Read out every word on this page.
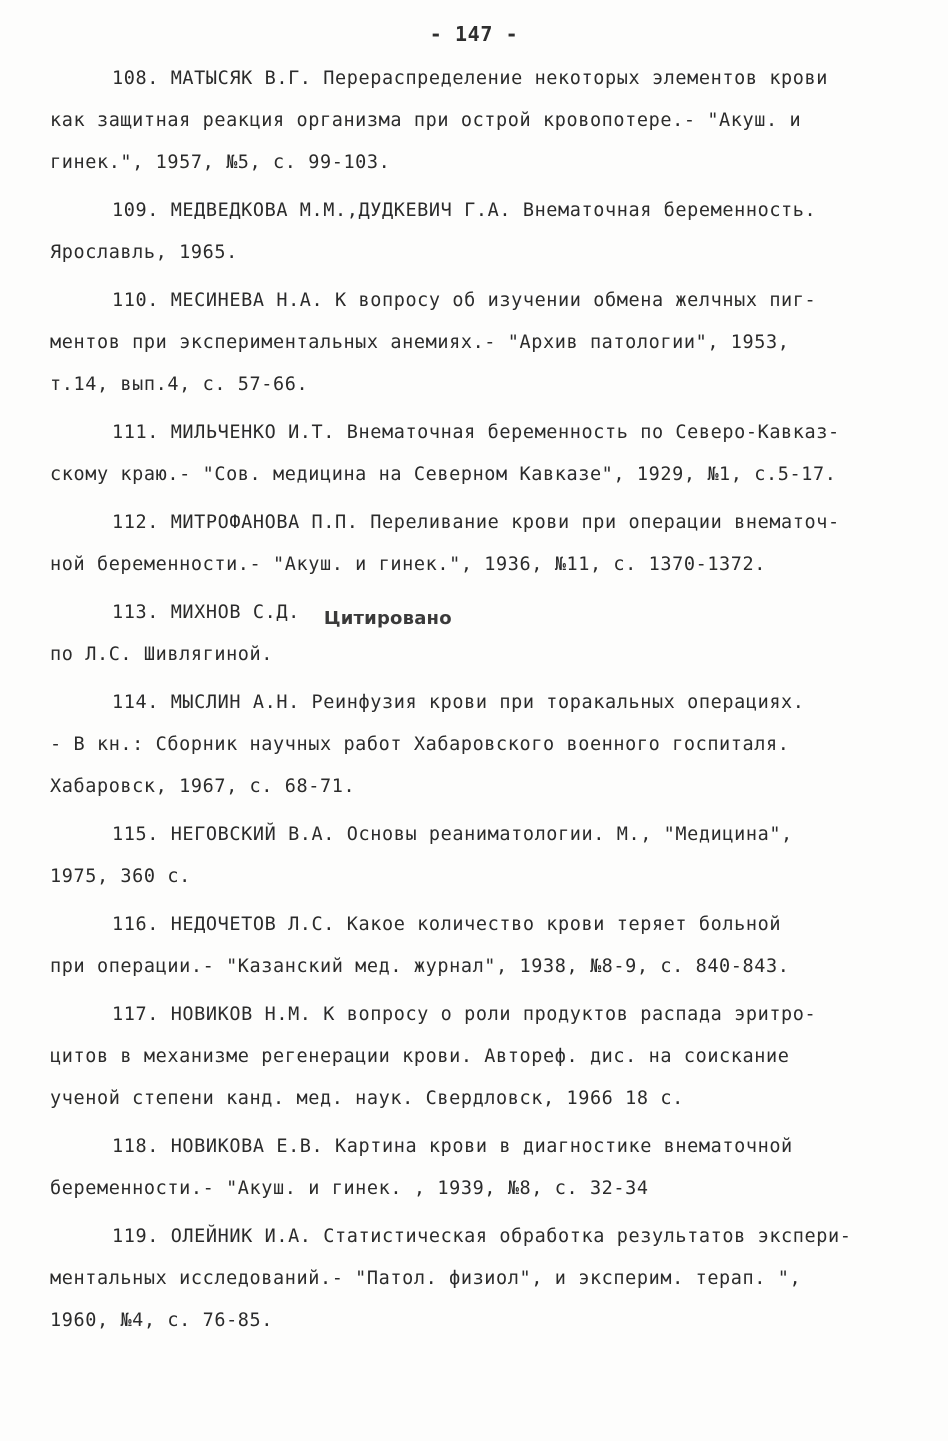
- 147 -
108. МАТЫСЯК В.Г. Перераспределение некоторых элементов крови
как защитная реакция организма при острой кровопотере.- "Акуш. и
гинек.", 1957, №5, с. 99-103.
109. МЕДВЕДКОВА М.М.,ДУДКЕВИЧ Г.А. Внематочная беременность.
Ярославль, 1965.
110. МЕСИНЕВА Н.А. К вопросу об изучении обмена желчных пиг-
ментов при экспериментальных анемиях.- "Архив патологии", 1953,
т.14, вып.4, с. 57-66.
111. МИЛЬЧЕНКО И.Т. Внематочная беременность по Северо-Кавказ-
скому краю.- "Сов. медицина на Северном Кавказе", 1929, №1, с.5-17.
112. МИТРОФАНОВА П.П. Переливание крови при операции внематоч-
ной беременности.- "Акуш. и гинек.", 1936, №11, с. 1370-1372.
113. МИХНОВ С.Д. Цитировано
по Л.С. Шивлягиной.
114. МЫСЛИН А.Н. Реинфузия крови при торакальных операциях.
- В кн.: Сборник научных работ Хабаровского военного госпиталя.
Хабаровск, 1967, с. 68-71.
115. НЕГОВСКИЙ В.А. Основы реаниматологии. М., "Медицина",
1975, 360 с.
116. НЕДОЧЕТОВ Л.С. Какое количество крови теряет больной
при операции.- "Казанский мед. журнал", 1938, №8-9, с. 840-843.
117. НОВИКОВ Н.М. К вопросу о роли продуктов распада эритро-
цитов в механизме регенерации крови. Автореф. дис. на соискание
ученой степени канд. мед. наук. Свердловск, 1966 18 с.
118. НОВИКОВА Е.В. Картина крови в диагностике внематочной
беременности.- "Акуш. и гинек. , 1939, №8, с. 32-34
119. ОЛЕЙНИК И.А. Статистическая обработка результатов экспери-
ментальных исследований.- "Патол. физиол", и эксперим. терап. ",
1960, №4, с. 76-85.
